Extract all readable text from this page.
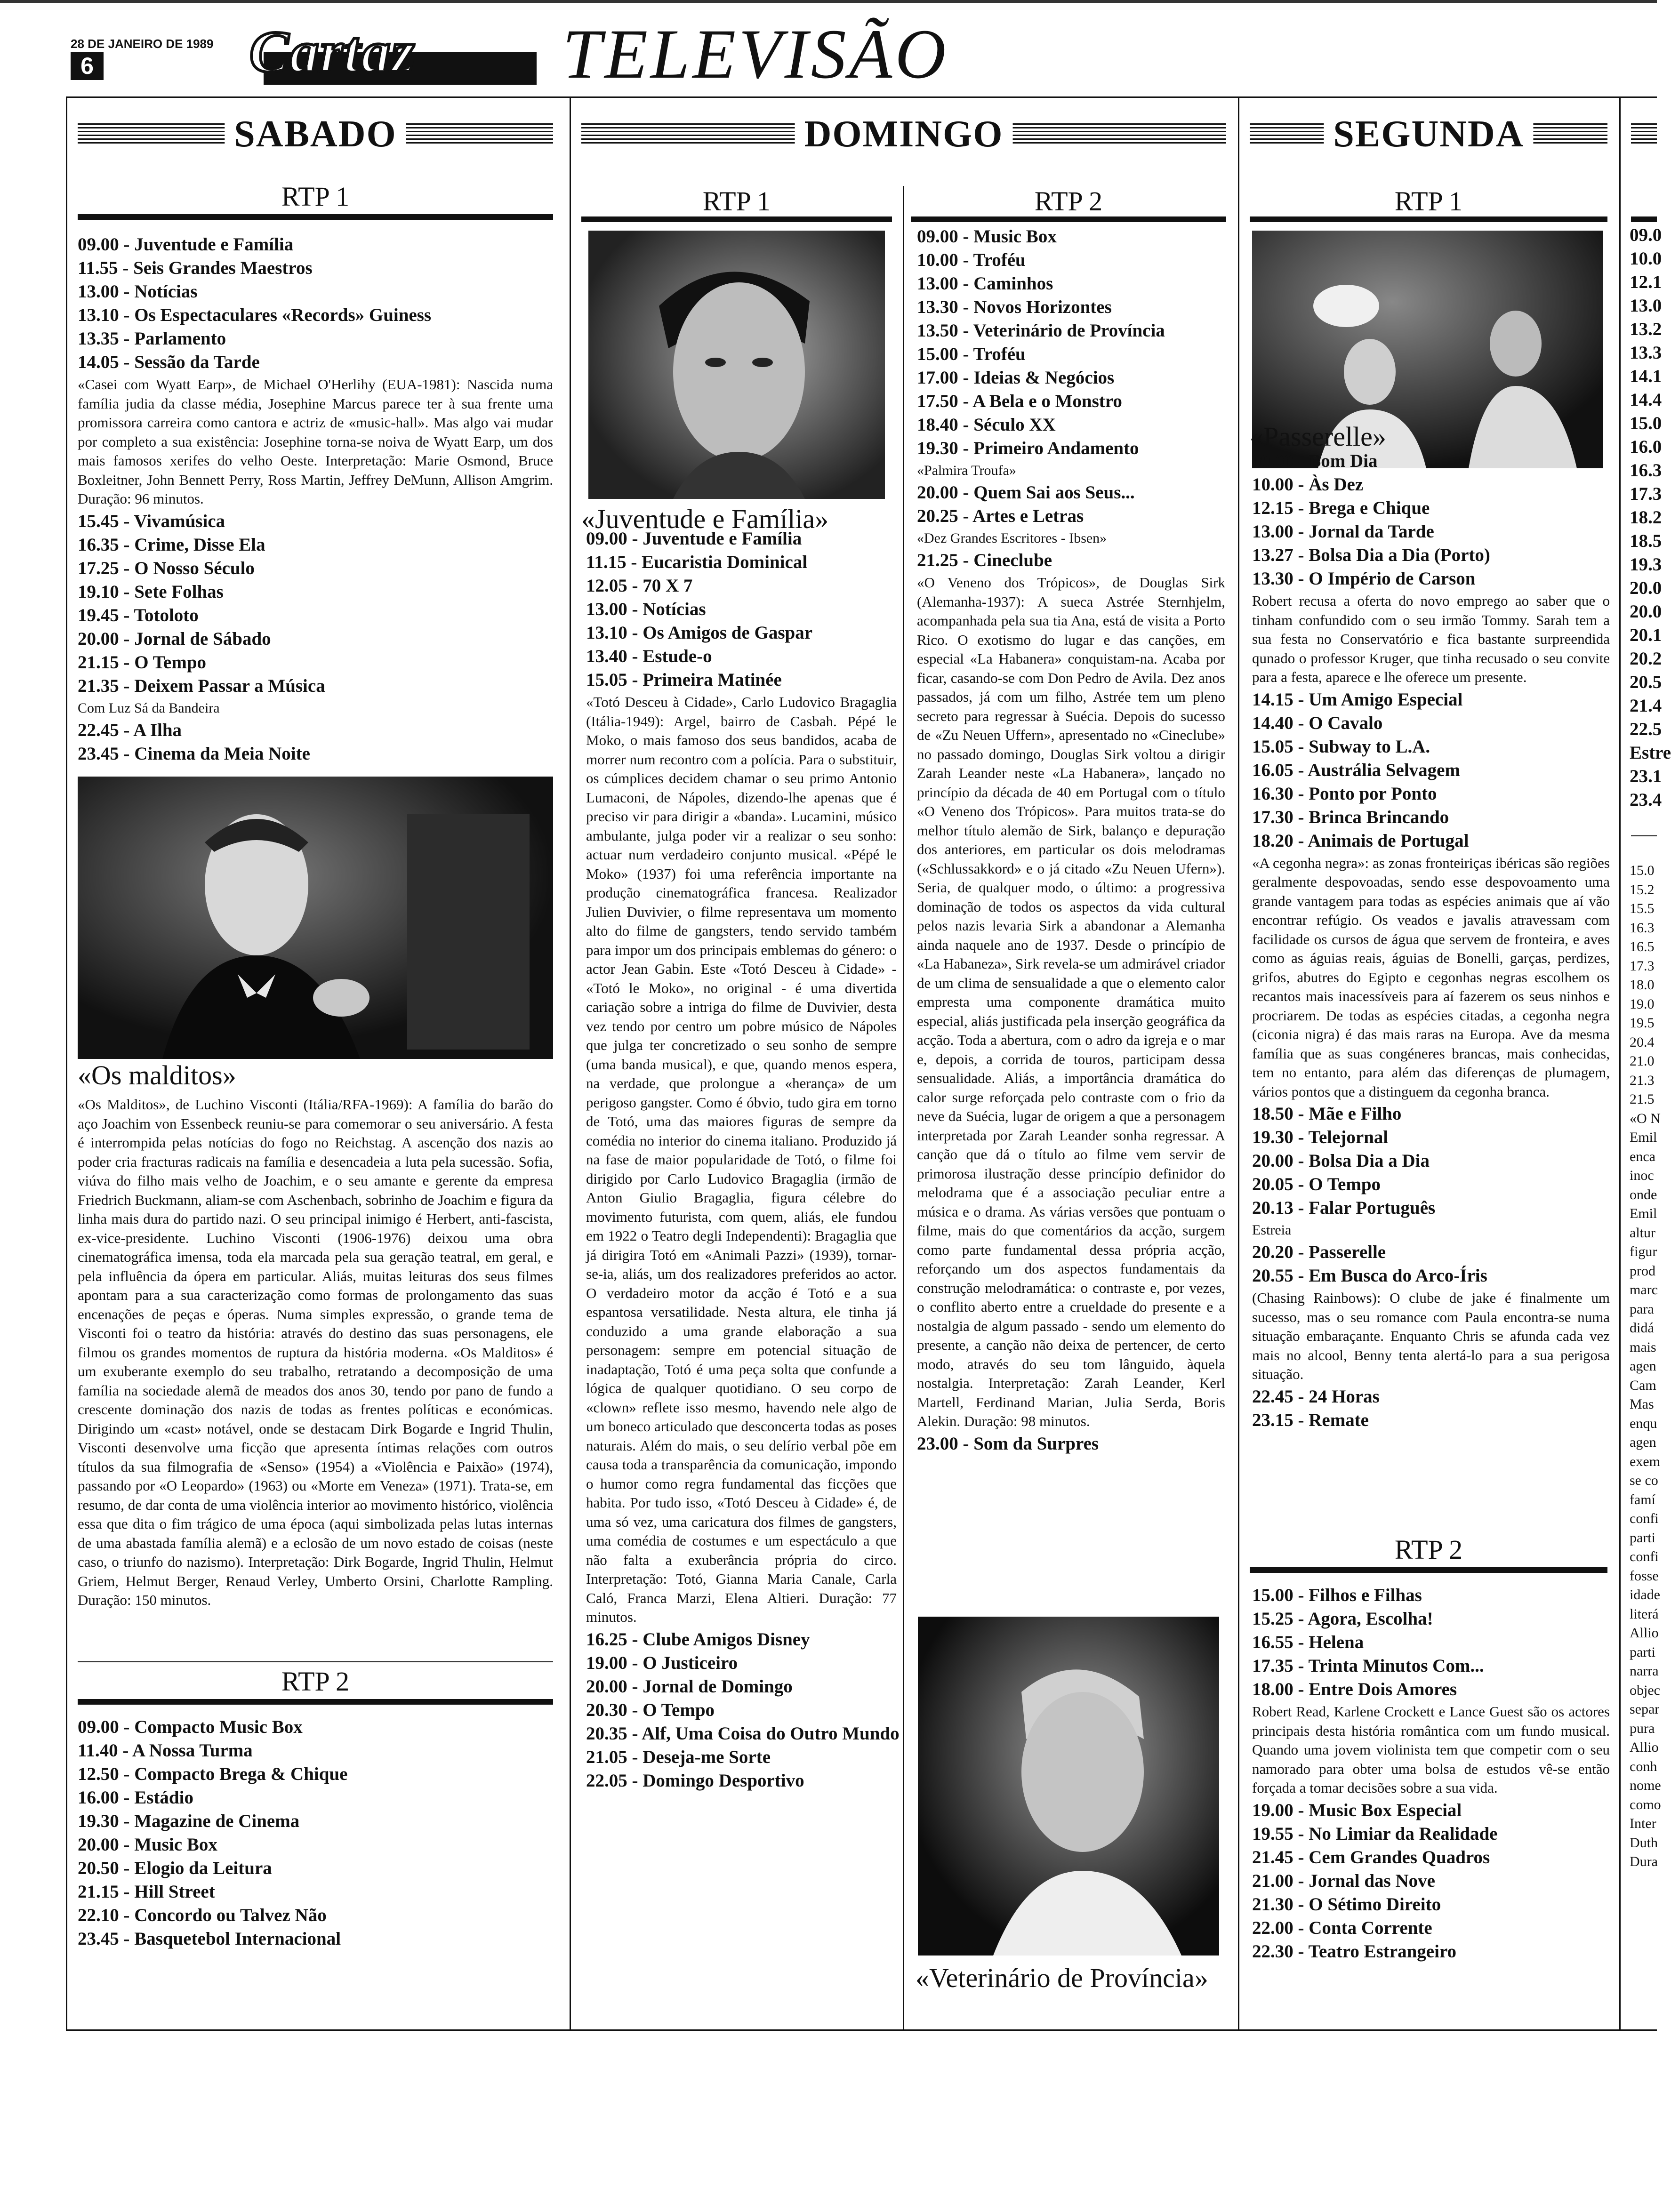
28 DE JANEIRO DE 1989
6	Cartaz TELEVISÃO
SABADO	DOMINGO	SEGUNDA
RTP 1
09.00 - Juventude e Família
11.55 - Seis Grandes Maestros
13.00 - Notícias
13.10 - Os Espectaculares «Records» Guiness
13.35 - Parlamento
14.05 - Sessão da Tarde
«Casei com Wyatt Earp», de Michael O'Herlihy (EUA-1981): Nascida numa família judia da classe média, Josephine Marcus parece ter à sua frente uma promissora carreira como cantora e actriz de «music-hall». Mas algo vai mudar por completo a sua existência: Josephine torna-se noiva de Wyatt Earp, um dos mais famosos xerifes do velho Oeste. Interpretação: Marie Osmond, Bruce Boxleitner, John Bennett Perry, Ross Martin, Jeffrey DeMunn, Allison Amgrim. Duração: 96 minutos.
15.45 - Vivamúsica
16.35 - Crime, Disse Ela
17.25 - O Nosso Século
19.10 - Sete Folhas
19.45 - Totoloto
20.00 - Jornal de Sábado
21.15 - O Tempo
21.35 - Deixem Passar a Música
Com Luz Sá da Bandeira
22.45 - A Ilha
23.45 - Cinema da Meia Noite
«Os malditos»
«Os Malditos», de Luchino Visconti (Itália/RFA-1969): A família do barão do aço Joachim von Essenbeck reuniu-se para comemorar o seu aniversário. A festa é interrompida pelas notícias do fogo no Reichstag. A ascenção dos nazis ao poder cria fracturas radicais na família e desencadeia a luta pela sucessão. Sofia, viúva do filho mais velho de Joachim, e o seu amante e gerente da empresa Friedrich Buckmann, aliam-se com Aschenbach, sobrinho de Joachim e figura da linha mais dura do partido nazi. O seu principal inimigo é Herbert, anti-fascista, ex-vice-presidente. Luchino Visconti (1906-1976) deixou uma obra cinematográfica imensa, toda ela marcada pela sua geração teatral, em geral, e pela influência da ópera em particular. Aliás, muitas leituras dos seus filmes apontam para a sua caracterização como formas de prolongamento das suas encenações de peças e óperas. Numa simples expressão, o grande tema de Visconti foi o teatro da história: através do destino das suas personagens, ele filmou os grandes momentos de ruptura da história moderna. «Os Malditos» é um exuberante exemplo do seu trabalho, retratando a decomposição de uma família na sociedade alemã de meados dos anos 30, tendo por pano de fundo a crescente dominação dos nazis de todas as frentes políticas e económicas. Dirigindo um «cast» notável, onde se destacam Dirk Bogarde e Ingrid Thulin, Visconti desenvolve uma ficção que apresenta íntimas relações com outros títulos da sua filmografia de «Senso» (1954) a «Violência e Paixão» (1974), passando por «O Leopardo» (1963) ou «Morte em Veneza» (1971). Trata-se, em resumo, de dar conta de uma violência interior ao movimento histórico, violência essa que dita o fim trágico de uma época (aqui simbolizada pelas lutas internas de uma abastada família alemã) e a eclosão de um novo estado de coisas (neste caso, o triunfo do nazismo). Interpretação: Dirk Bogarde, Ingrid Thulin, Helmut Griem, Helmut Berger, Renaud Verley, Umberto Orsini, Charlotte Rampling. Duração: 150 minutos.
RTP 2
09.00 - Compacto Music Box
11.40 - A Nossa Turma
12.50 - Compacto Brega & Chique
16.00 - Estádio
19.30 - Magazine de Cinema
20.00 - Music Box
20.50 - Elogio da Leitura
21.15 - Hill Street
22.10 - Concordo ou Talvez Não
23.45 - Basquetebol Internacional
RTP 1
«Juventude e Família»
09.00 - Juventude e Família
11.15 - Eucaristia Dominical
12.05 - 70 X 7
13.00 - Notícias
13.10 - Os Amigos de Gaspar
13.40 - Estude-o
15.05 - Primeira Matinée
«Totó Desceu à Cidade», Carlo Ludovico Bragaglia (Itália-1949): Argel, bairro de Casbah. Pépé le Moko, o mais famoso dos seus bandidos, acaba de morrer num recontro com a polícia. Para o substituir, os cúmplices decidem chamar o seu primo Antonio Lumaconi, de Nápoles, dizendo-lhe apenas que é preciso vir para dirigir a «banda». Lucamini, músico ambulante, julga poder vir a realizar o seu sonho: actuar num verdadeiro conjunto musical. «Pépé le Moko» (1937) foi uma referência importante na produção cinematográfica francesa. Realizador Julien Duvivier, o filme representava um momento alto do filme de gangsters, tendo servido também para impor um dos principais emblemas do género: o actor Jean Gabin. Este «Totó Desceu à Cidade» - «Totó le Moko», no original - é uma divertida cariação sobre a intriga do filme de Duvivier, desta vez tendo por centro um pobre músico de Nápoles que julga ter concretizado o seu sonho de sempre (uma banda musical), e que, quando menos espera, na verdade, que prolongue a «herança» de um perigoso gangster. Como é óbvio, tudo gira em torno de Totó, uma das maiores figuras de sempre da comédia no interior do cinema italiano. Produzido já na fase de maior popularidade de Totó, o filme foi dirigido por Carlo Ludovico Bragaglia (irmão de Anton Giulio Bragaglia, figura célebre do movimento futurista, com quem, aliás, ele fundou em 1922 o Teatro degli Independenti): Bragaglia que já dirigira Totó em «Animali Pazzi» (1939), tornar-se-ia, aliás, um dos realizadores preferidos ao actor. O verdadeiro motor da acção é Totó e a sua espantosa versatilidade. Nesta altura, ele tinha já conduzido a uma grande elaboração a sua personagem: sempre em potencial situação de inadaptação, Totó é uma peça solta que confunde a lógica de qualquer quotidiano. O seu corpo de «clown» reflete isso mesmo, havendo nele algo de um boneco articulado que desconcerta todas as poses naturais. Além do mais, o seu delírio verbal põe em causa toda a transparência da comunicação, impondo o humor como regra fundamental das ficções que habita. Por tudo isso, «Totó Desceu à Cidade» é, de uma só vez, uma caricatura dos filmes de gangsters, uma comédia de costumes e um espectáculo a que não falta a exuberância própria do circo. Interpretação: Totó, Gianna Maria Canale, Carla Caló, Franca Marzi, Elena Altieri. Duração: 77 minutos.
16.25 - Clube Amigos Disney
19.00 - O Justiceiro
20.00 - Jornal de Domingo
20.30 - O Tempo
20.35 - Alf, Uma Coisa do Outro Mundo
21.05 - Deseja-me Sorte
22.05 - Domingo Desportivo
RTP 2
09.00 - Music Box
10.00 - Troféu
13.00 - Caminhos
13.30 - Novos Horizontes
13.50 - Veterinário de Província
15.00 - Troféu
17.00 - Ideias & Negócios
17.50 - A Bela e o Monstro
18.40 - Século XX
19.30 - Primeiro Andamento
«Palmira Troufa»
20.00 - Quem Sai aos Seus...
20.25 - Artes e Letras
«Dez Grandes Escritores - Ibsen»
21.25 - Cineclube
«O Veneno dos Trópicos», de Douglas Sirk (Alemanha-1937): A sueca Astrée Sternhjelm, acompanhada pela sua tia Ana, está de visita a Porto Rico. O exotismo do lugar e das canções, em especial «La Habanera» conquistam-na. Acaba por ficar, casando-se com Don Pedro de Avila. Dez anos passados, já com um filho, Astrée tem um pleno secreto para regressar à Suécia. Depois do sucesso de «Zu Neuen Uffern», apresentado no «Cineclube» no passado domingo, Douglas Sirk voltou a dirigir Zarah Leander neste «La Habanera», lançado no princípio da década de 40 em Portugal com o título «O Veneno dos Trópicos». Para muitos trata-se do melhor título alemão de Sirk, balanço e depuração dos anteriores, em particular os dois melodramas («Schlussakkord» e o já citado «Zu Neuen Ufern»). Seria, de qualquer modo, o último: a progressiva dominação de todos os aspectos da vida cultural pelos nazis levaria Sirk a abandonar a Alemanha ainda naquele ano de 1937. Desde o princípio de «La Habaneza», Sirk revela-se um admirável criador de um clima de sensualidade a que o elemento calor empresta uma componente dramática muito especial, aliás justificada pela inserção geográfica da acção. Toda a abertura, com o adro da igreja e o mar e, depois, a corrida de touros, participam dessa sensualidade. Aliás, a importância dramática do calor surge reforçada pelo contraste com o frio da neve da Suécia, lugar de origem a que a personagem interpretada por Zarah Leander sonha regressar. A canção que dá o título ao filme vem servir de primorosa ilustração desse princípio definidor do melodrama que é a associação peculiar entre a música e o drama. As várias versões que pontuam o filme, mais do que comentários da acção, surgem como parte fundamental dessa própria acção, reforçando um dos aspectos fundamentais da construção melodramática: o contraste e, por vezes, o conflito aberto entre a crueldade do presente e a nostalgia de algum passado - sendo um elemento do presente, a canção não deixa de pertencer, de certo modo, através do seu tom lânguido, àquela nostalgia. Interpretação: Zarah Leander, Kerl Martell, Ferdinand Marian, Julia Serda, Boris Alekin. Duração: 98 minutos.
23.00 - Som da Surpres
«Veterinário de Província»
RTP 1
«Passerelle»
09.00 - Bom Dia
10.00 - Às Dez
12.15 - Brega e Chique
13.00 - Jornal da Tarde
13.27 - Bolsa Dia a Dia (Porto)
13.30 - O Império de Carson
Robert recusa a oferta do novo emprego ao saber que o tinham confundido com o seu irmão Tommy. Sarah tem a sua festa no Conservatório e fica bastante surpreendida qunado o professor Kruger, que tinha recusado o seu convite para a festa, aparece e lhe oferece um presente.
14.15 - Um Amigo Especial
14.40 - O Cavalo
15.05 - Subway to L.A.
16.05 - Austrália Selvagem
16.30 - Ponto por Ponto
17.30 - Brinca Brincando
18.20 - Animais de Portugal
«A cegonha negra»: as zonas fronteiriças ibéricas são regiões geralmente despovoadas, sendo esse despovoamento uma grande vantagem para todas as espécies animais que aí vão encontrar refúgio. Os veados e javalis atravessam com facilidade os cursos de água que servem de fronteira, e aves como as águias reais, águias de Bonelli, garças, perdizes, grifos, abutres do Egipto e cegonhas negras escolhem os recantos mais inacessíveis para aí fazerem os seus ninhos e procriarem. De todas as espécies citadas, a cegonha negra (ciconia nigra) é das mais raras na Europa. Ave da mesma família que as suas congéneres brancas, mais conhecidas, tem no entanto, para além das diferenças de plumagem, vários pontos que a distinguem da cegonha branca.
18.50 - Mãe e Filho
19.30 - Telejornal
20.00 - Bolsa Dia a Dia
20.05 - O Tempo
20.13 - Falar Português
Estreia
20.20 - Passerelle
20.55 - Em Busca do Arco-Íris
(Chasing Rainbows): O clube de jake é finalmente um sucesso, mas o seu romance com Paula encontra-se numa situação embaraçante. Enquanto Chris se afunda cada vez mais no alcool, Benny tenta alertá-lo para a sua perigosa situação.
22.45 - 24 Horas
23.15 - Remate
RTP 2
15.00 - Filhos e Filhas
15.25 - Agora, Escolha!
16.55 - Helena
17.35 - Trinta Minutos Com...
18.00 - Entre Dois Amores
Robert Read, Karlene Crockett e Lance Guest são os actores principais desta história romântica com um fundo musical. Quando uma jovem violinista tem que competir com o seu namorado para obter uma bolsa de estudos vê-se então forçada a tomar decisões sobre a sua vida.
19.00 - Music Box Especial
19.55 - No Limiar da Realidade
21.45 - Cem Grandes Quadros
21.00 - Jornal das Nove
21.30 - O Sétimo Direito
22.00 - Conta Corrente
22.30 - Teatro Estrangeiro
09.0
10.0
12.1
13.0
13.2
13.3
14.1
14.4
15.0
16.0
16.3
17.3
18.2
18.5
19.3
20.0
20.0
20.1
20.2
20.5
21.4
22.5
Estre
23.1
23.4
15.0
15.2
15.5
16.3
16.5
17.3
18.0
19.0
19.5
20.4
21.0
21.3
21.5
«O N
Emil
enca
inoc
onde
Emil
altur
figur
prod
marc
para
didá
mais
agen
Cam
Mas
enqu
agen
exem
se co
famí
confi
parti
confi
fosse
idade
literá
Allio
parti
narra
objec
separ
pura
Allio
conh
nome
como
Inter
Duth
Dura
